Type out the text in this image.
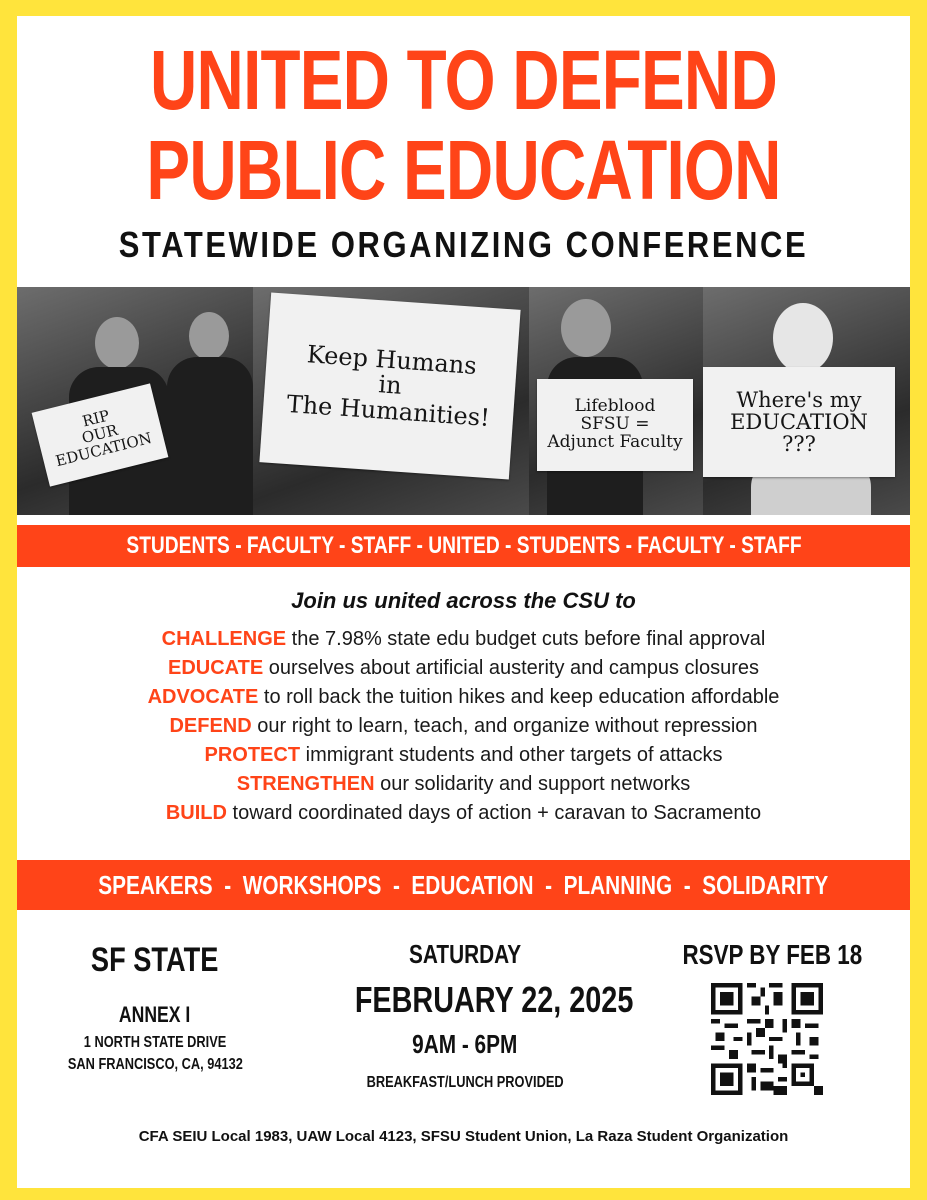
UNITED TO DEFEND
PUBLIC EDUCATION
STATEWIDE ORGANIZING CONFERENCE
RIP
OUR
EDUCATION
Keep Humans
in
The Humanities!	Lifeblood
SFSU =
Adjunct Faculty
Where's my
EDUCATION
???
STUDENTS - FACULTY - STAFF - UNITED - STUDENTS - FACULTY - STAFF
Join us united across the CSU to
CHALLENGE the 7.98% state edu budget cuts before final approval
EDUCATE ourselves about artificial austerity and campus closures
ADVOCATE to roll back the tuition hikes and keep education affordable
DEFEND our right to learn, teach, and organize without repression
PROTECT immigrant students and other targets of attacks
STRENGTHEN our solidarity and support networks
BUILD toward coordinated days of action + caravan to Sacramento
SPEAKERS  -  WORKSHOPS  -  EDUCATION  -  PLANNING  -  SOLIDARITY
SF STATE
ANNEX I
1 NORTH STATE DRIVE
SAN FRANCISCO, CA, 94132
SATURDAY
FEBRUARY 22, 2025
9AM - 6PM
BREAKFAST/LUNCH PROVIDED
RSVP BY FEB 18
CFA SEIU Local 1983, UAW Local 4123, SFSU Student Union, La Raza Student Organization
